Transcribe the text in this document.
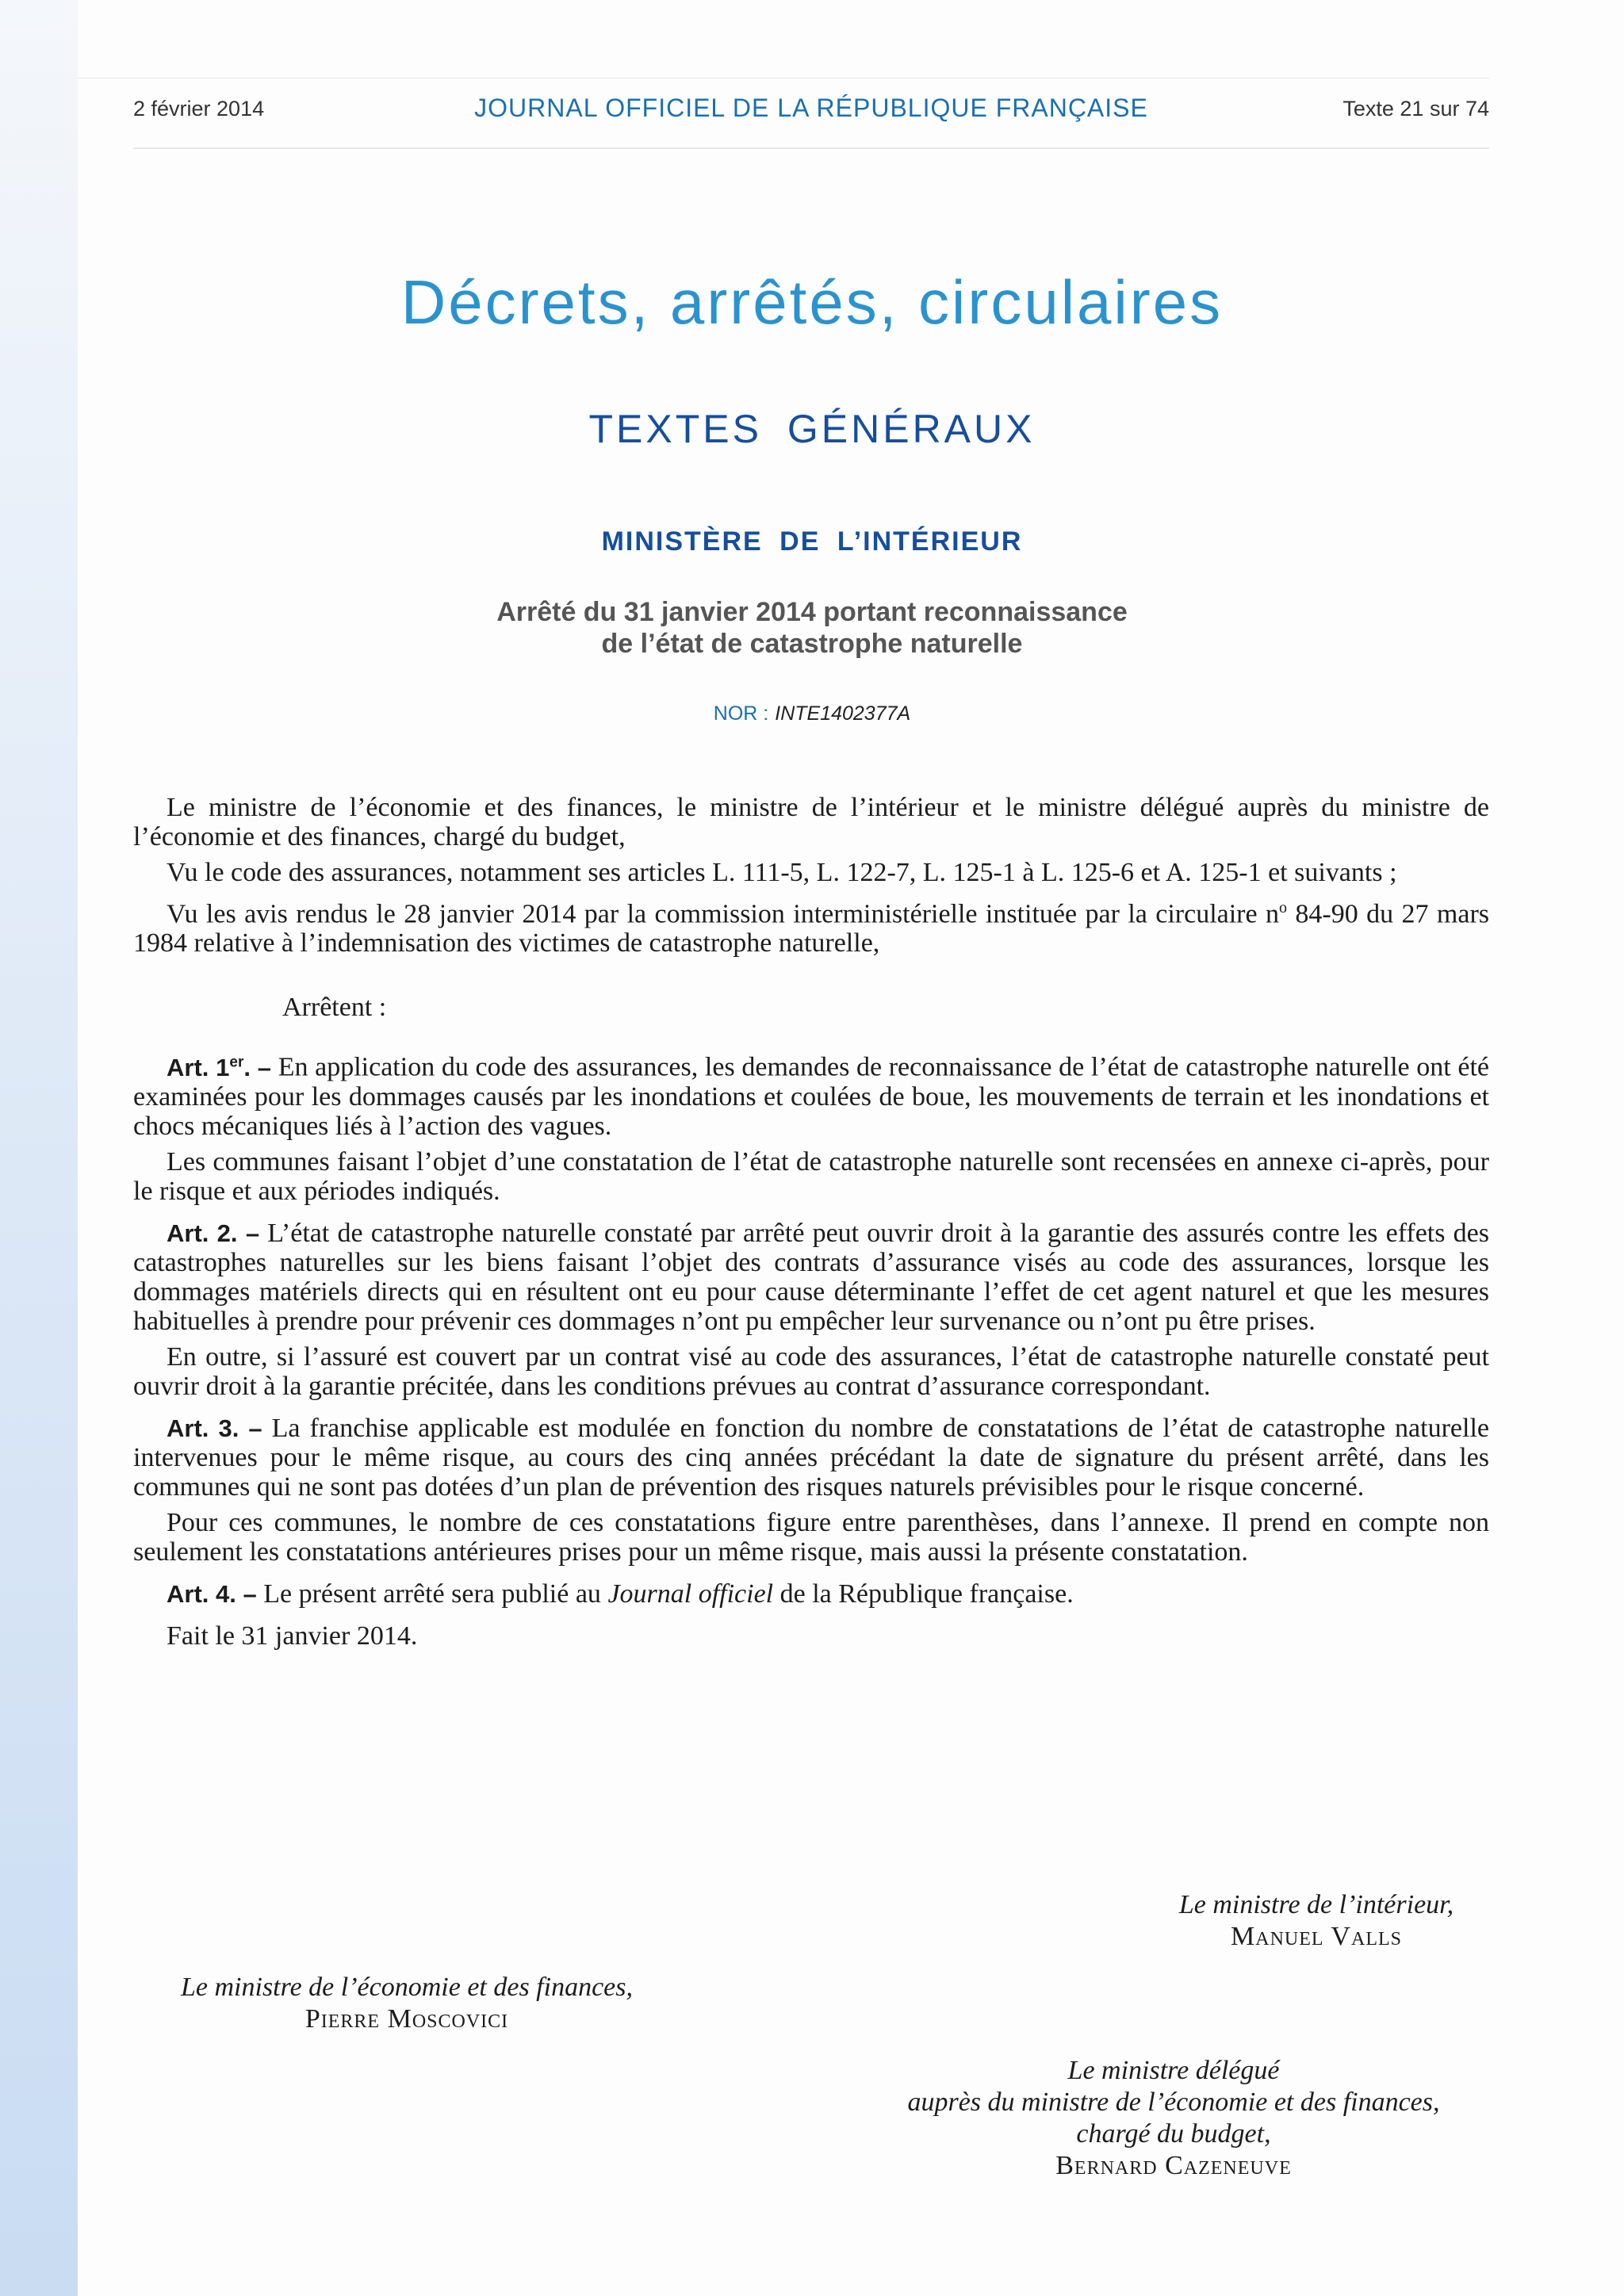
2 février 2014	JOURNAL OFFICIEL DE LA RÉPUBLIQUE FRANÇAISE	Texte 21 sur 74
Décrets, arrêtés, circulaires
TEXTES GÉNÉRAUX
MINISTÈRE DE L’INTÉRIEUR
Arrêté du 31 janvier 2014 portant reconnaissance
de l’état de catastrophe naturelle
NOR : INTE1402377A

Le ministre de l’économie et des finances, le ministre de l’intérieur et le ministre délégué auprès du ministre de l’économie et des finances, chargé du budget,

Vu le code des assurances, notamment ses articles L. 111-5, L. 122-7, L. 125-1 à L. 125-6 et A. 125-1 et suivants ;

Vu les avis rendus le 28 janvier 2014 par la commission interministérielle instituée par la circulaire $n^o$ 84-90 du 27 mars 1984 relative à l’indemnisation des victimes de catastrophe naturelle,

Arrêtent :

Art. 1er. – En application du code des assurances, les demandes de reconnaissance de l’état de catastrophe naturelle ont été examinées pour les dommages causés par les inondations et coulées de boue, les mouvements de terrain et les inondations et chocs mécaniques liés à l’action des vagues.

Les communes faisant l’objet d’une constatation de l’état de catastrophe naturelle sont recensées en annexe ci-après, pour le risque et aux périodes indiqués.

Art. 2. – L’état de catastrophe naturelle constaté par arrêté peut ouvrir droit à la garantie des assurés contre les effets des catastrophes naturelles sur les biens faisant l’objet des contrats d’assurance visés au code des assurances, lorsque les dommages matériels directs qui en résultent ont eu pour cause déterminante l’effet de cet agent naturel et que les mesures habituelles à prendre pour prévenir ces dommages n’ont pu empêcher leur survenance ou n’ont pu être prises.

En outre, si l’assuré est couvert par un contrat visé au code des assurances, l’état de catastrophe naturelle constaté peut ouvrir droit à la garantie précitée, dans les conditions prévues au contrat d’assurance correspondant.

Art. 3. – La franchise applicable est modulée en fonction du nombre de constatations de l’état de catastrophe naturelle intervenues pour le même risque, au cours des cinq années précédant la date de signature du présent arrêté, dans les communes qui ne sont pas dotées d’un plan de prévention des risques naturels prévisibles pour le risque concerné.

Pour ces communes, le nombre de ces constatations figure entre parenthèses, dans l’annexe. Il prend en compte non seulement les constatations antérieures prises pour un même risque, mais aussi la présente constatation.

Art. 4. – Le présent arrêté sera publié au Journal officiel de la République française.

Fait le 31 janvier 2014.

Le ministre de l’intérieur,
Manuel Valls
Le ministre de l’économie et des finances,
Pierre Moscovici
Le ministre délégué
auprès du ministre de l’économie et des finances,
chargé du budget,
Bernard Cazeneuve
